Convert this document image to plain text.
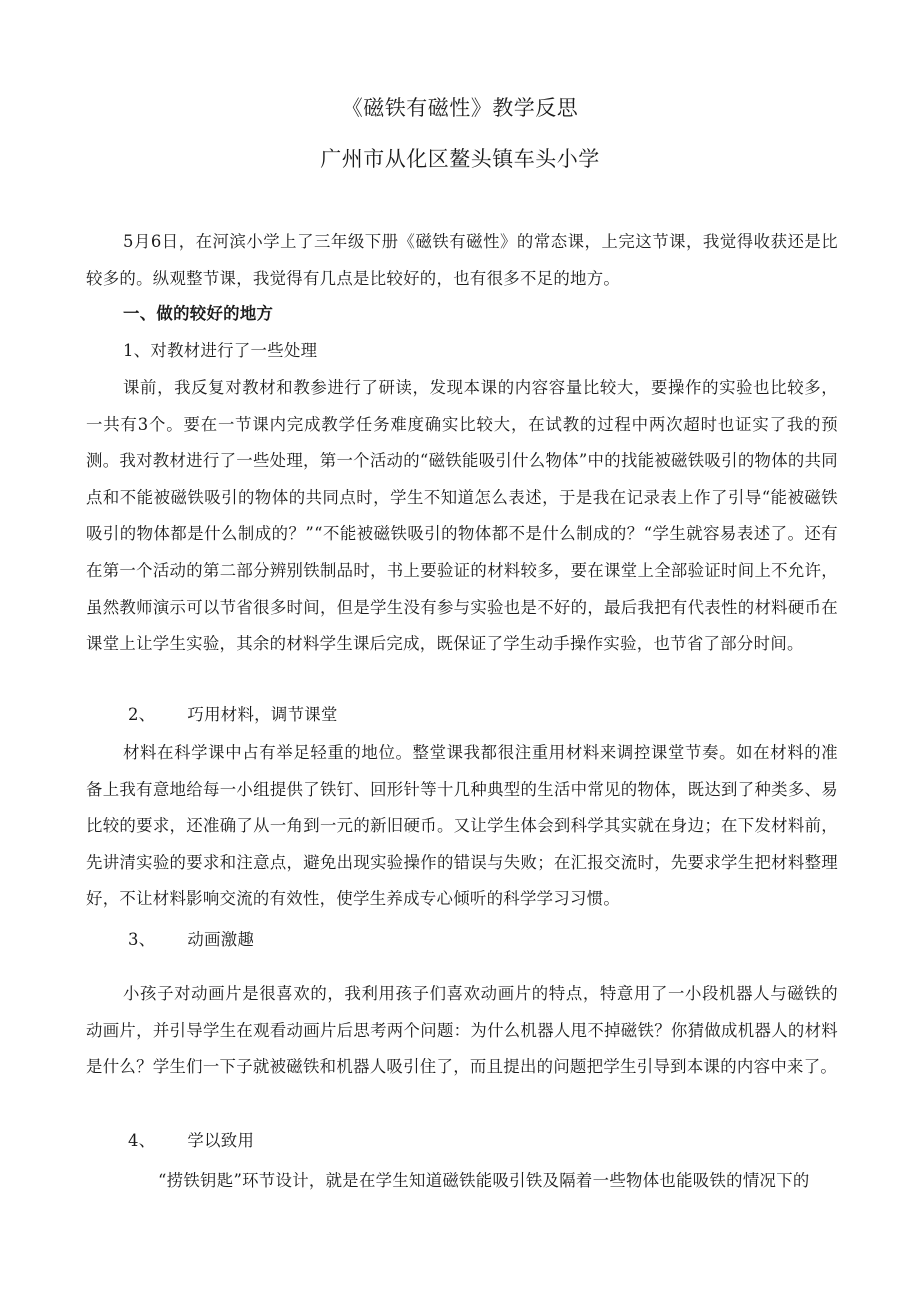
《磁铁有磁性》教学反思
广州市从化区鳌头镇车头小学

5月6日，在河滨小学上了三年级下册《磁铁有磁性》的常态课，上完这节课，我觉得收获还是比较多的。纵观整节课，我觉得有几点是比较好的，也有很多不足的地方。

一、做的较好的地方

1、对教材进行了一些处理

课前，我反复对教材和教参进行了研读，发现本课的内容容量比较大，要操作的实验也比较多，一共有3个。要在一节课内完成教学任务难度确实比较大，在试教的过程中两次超时也证实了我的预测。我对教材进行了一些处理，第一个活动的“磁铁能吸引什么物体”中的找能被磁铁吸引的物体的共同点和不能被磁铁吸引的物体的共同点时，学生不知道怎么表述，于是我在记录表上作了引导“能被磁铁吸引的物体都是什么制成的？”“不能被磁铁吸引的物体都不是什么制成的？“学生就容易表述了。还有在第一个活动的第二部分辨别铁制品时，书上要验证的材料较多，要在课堂上全部验证时间上不允许，虽然教师演示可以节省很多时间，但是学生没有参与实验也是不好的，最后我把有代表性的材料硬币在课堂上让学生实验，其余的材料学生课后完成，既保证了学生动手操作实验，也节省了部分时间。

2、 巧用材料，调节课堂

材料在科学课中占有举足轻重的地位。整堂课我都很注重用材料来调控课堂节奏。如在材料的准备上我有意地给每一小组提供了铁钉、回形针等十几种典型的生活中常见的物体，既达到了种类多、易比较的要求，还准确了从一角到一元的新旧硬币。又让学生体会到科学其实就在身边；在下发材料前，先讲清实验的要求和注意点，避免出现实验操作的错误与失败；在汇报交流时，先要求学生把材料整理好，不让材料影响交流的有效性，使学生养成专心倾听的科学学习习惯。

3、 动画激趣

小孩子对动画片是很喜欢的，我利用孩子们喜欢动画片的特点，特意用了一小段机器人与磁铁的动画片，并引导学生在观看动画片后思考两个问题：为什么机器人甩不掉磁铁？你猜做成机器人的材料是什么？学生们一下子就被磁铁和机器人吸引住了，而且提出的问题把学生引导到本课的内容中来了。

4、 学以致用

“捞铁钥匙”环节设计，就是在学生知道磁铁能吸引铁及隔着一些物体也能吸铁的情况下的
